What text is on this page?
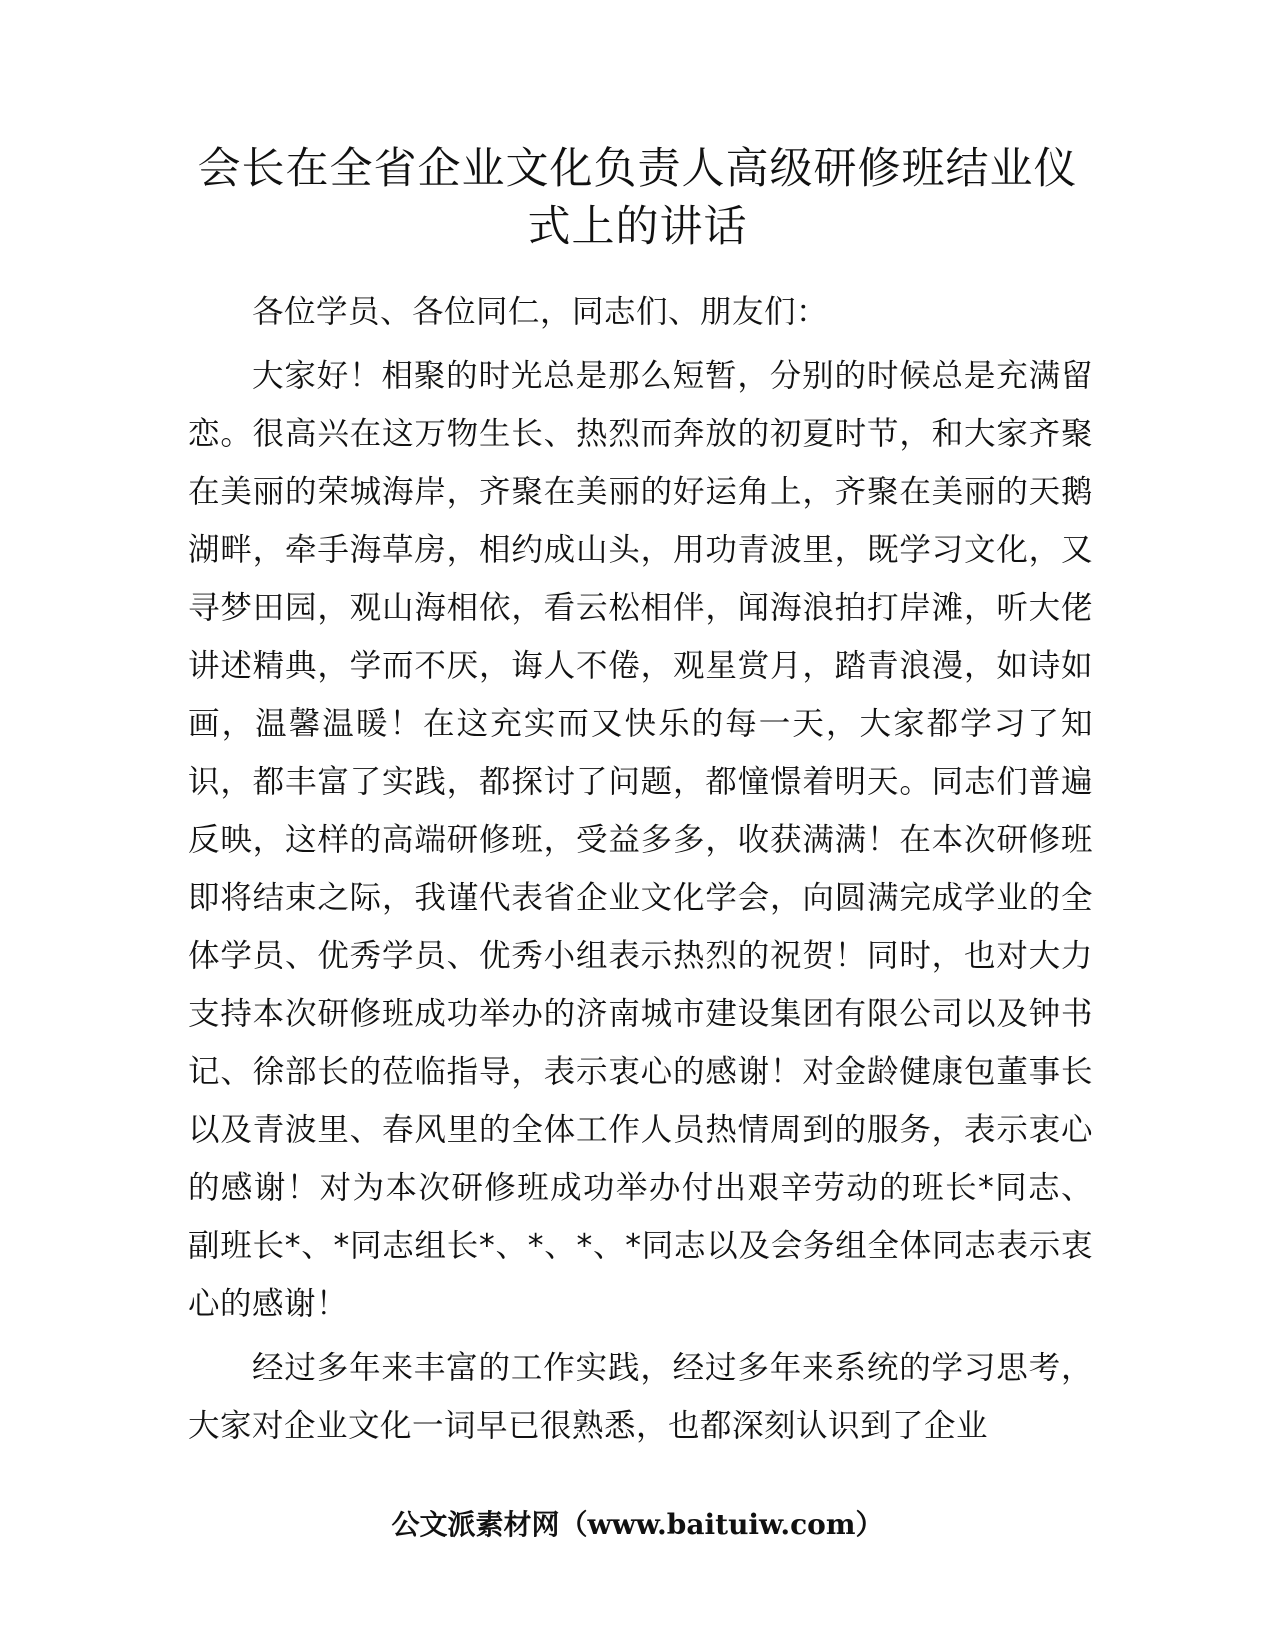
会长在全省企业文化负责人高级研修班结业仪式上的讲话

各位学员、各位同仁，同志们、朋友们：

大家好！相聚的时光总是那么短暂，分别的时候总是充满留恋。很高兴在这万物生长、热烈而奔放的初夏时节，和大家齐聚在美丽的荣城海岸，齐聚在美丽的好运角上，齐聚在美丽的天鹅湖畔，牵手海草房，相约成山头，用功青波里，既学习文化，又寻梦田园，观山海相依，看云松相伴，闻海浪拍打岸滩，听大佬讲述精典，学而不厌，诲人不倦，观星赏月，踏青浪漫，如诗如画，温馨温暖！在这充实而又快乐的每一天，大家都学习了知识，都丰富了实践，都探讨了问题，都憧憬着明天。同志们普遍反映，这样的高端研修班，受益多多，收获满满！在本次研修班即将结束之际，我谨代表省企业文化学会，向圆满完成学业的全体学员、优秀学员、优秀小组表示热烈的祝贺！同时，也对大力支持本次研修班成功举办的济南城市建设集团有限公司以及钟书记、徐部长的莅临指导，表示衷心的感谢！对金龄健康包董事长以及青波里、春风里的全体工作人员热情周到的服务，表示衷心的感谢！对为本次研修班成功举办付出艰辛劳动的班长*同志、副班长*、*同志组长*、*、*、*同志以及会务组全体同志表示衷心的感谢！

经过多年来丰富的工作实践，经过多年来系统的学习思考，大家对企业文化一词早已很熟悉，也都深刻认识到了企业

公文派素材网（www.baituiw.com）
